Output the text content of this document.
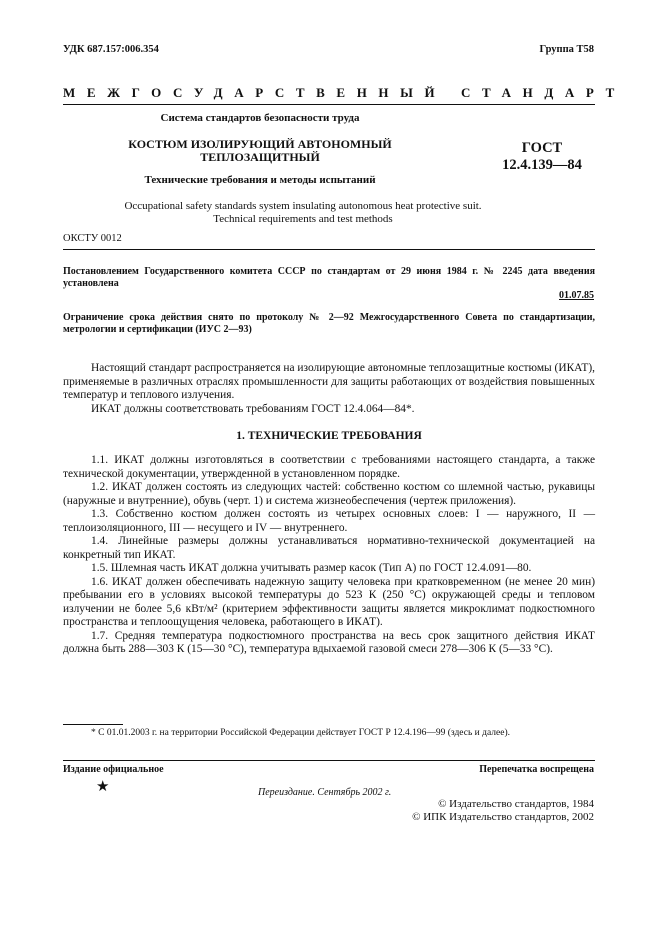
УДК 687.157:006.354	Группа Т58
МЕЖГОСУДАРСТВЕННЫЙ СТАНДАРТ
Система стандартов безопасности труда
КОСТЮМ ИЗОЛИРУЮЩИЙ АВТОНОМНЫЙ
ТЕПЛОЗАЩИТНЫЙ
Технические требования и методы испытаний
ГОСТ
12.4.139—84
Occupational safety standards system insulating autonomous heat protective suit.
Technical requirements and test methods
ОКСТУ 0012
Постановлением Государственного комитета СССР по стандартам от 29 июня 1984 г. № 2245 дата введения установлена
01.07.85
Ограничение срока действия снято по протоколу № 2—92 Межгосударственного Совета по стандартизации, метрологии и сертификации (ИУС 2—93)

Настоящий стандарт распространяется на изолирующие автономные теплозащитные костюмы (ИКАТ), применяемые в различных отраслях промышленности для защиты работающих от воздействия повышенных температур и теплового излучения.

ИКАТ должны соответствовать требованиям ГОСТ 12.4.064—84*.

1. ТЕХНИЧЕСКИЕ ТРЕБОВАНИЯ

1.1. ИКАТ должны изготовляться в соответствии с требованиями настоящего стандарта, а также технической документации, утвержденной в установленном порядке.

1.2. ИКАТ должен состоять из следующих частей: собственно костюм со шлемной частью, рукавицы (наружные и внутренние), обувь (черт. 1) и система жизнеобеспечения (чертеж приложения).

1.3. Собственно костюм должен состоять из четырех основных слоев: I — наружного, II — теплоизоляционного, III — несущего и IV — внутреннего.

1.4. Линейные размеры должны устанавливаться нормативно-технической документацией на конкретный тип ИКАТ.

1.5. Шлемная часть ИКАТ должна учитывать размер касок (Тип А) по ГОСТ 12.4.091—80.

1.6. ИКАТ должен обеспечивать надежную защиту человека при кратковременном (не менее 20 мин) пребывании его в условиях высокой температуры до 523 К (250 °С) окружающей среды и тепловом излучении не более 5,6 кВт/м² (критерием эффективности защиты является микроклимат подкостюмного пространства и теплоощущения человека, работающего в ИКАТ).

1.7. Средняя температура подкостюмного пространства на весь срок защитного действия ИКАТ должна быть 288—303 К (15—30 °С), температура вдыхаемой газовой смеси 278—306 К (5—33 °С).

* С 01.01.2003 г. на территории Российской Федерации действует ГОСТ Р 12.4.196—99 (здесь и далее).
Издание официальное	Перепечатка воспрещена
★	Переиздание. Сентябрь 2002 г.
© Издательство стандартов, 1984
© ИПК Издательство стандартов, 2002
